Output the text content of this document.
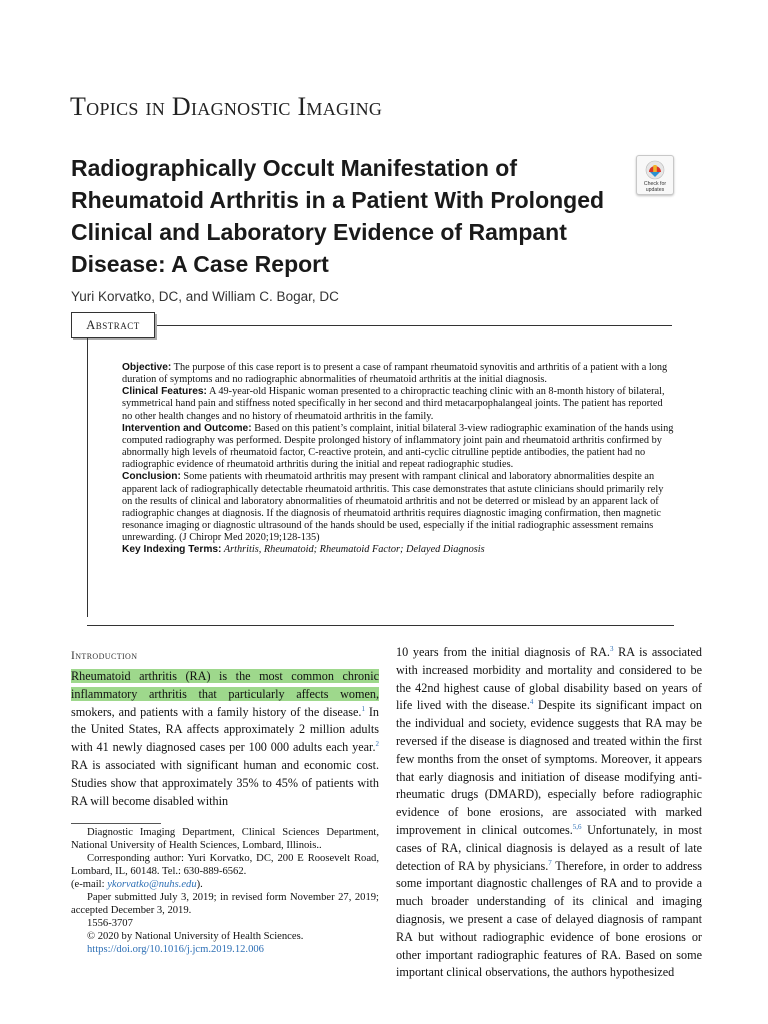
Topics in Diagnostic Imaging
Radiographically Occult Manifestation of Rheumatoid Arthritis in a Patient With Prolonged Clinical and Laboratory Evidence of Rampant Disease: A Case Report
Check for
updates

Yuri Korvatko, DC, and William C. Bogar, DC

Abstract

Objective: The purpose of this case report is to present a case of rampant rheumatoid synovitis and arthritis of a patient with a long duration of symptoms and no radiographic abnormalities of rheumatoid arthritis at the initial diagnosis.

Clinical Features: A 49-year-old Hispanic woman presented to a chiropractic teaching clinic with an 8-month history of bilateral, symmetrical hand pain and stiffness noted specifically in her second and third metacarpophalangeal joints. The patient has reported no other health changes and no history of rheumatoid arthritis in the family.

Intervention and Outcome: Based on this patient’s complaint, initial bilateral 3-view radiographic examination of the hands using computed radiography was performed. Despite prolonged history of inflammatory joint pain and rheumatoid arthritis confirmed by abnormally high levels of rheumatoid factor, C-reactive protein, and anti-cyclic citrulline peptide antibodies, the patient had no radiographic evidence of rheumatoid arthritis during the initial and repeat radiographic studies.

Conclusion: Some patients with rheumatoid arthritis may present with rampant clinical and laboratory abnormalities despite an apparent lack of radiographically detectable rheumatoid arthritis. This case demonstrates that astute clinicians should primarily rely on the results of clinical and laboratory abnormalities of rheumatoid arthritis and not be deterred or mislead by an apparent lack of radiographic changes at diagnosis. If the diagnosis of rheumatoid arthritis requires diagnostic imaging confirmation, then magnetic resonance imaging or diagnostic ultrasound of the hands should be used, especially if the initial radiographic assessment remains unrewarding. (J Chiropr Med 2020;19;128-135)

Key Indexing Terms: Arthritis, Rheumatoid; Rheumatoid Factor; Delayed Diagnosis

Introduction

Rheumatoid arthritis (RA) is the most common chronic inflammatory arthritis that particularly affects women, smokers, and patients with a family history of the disease.$^1$ In the United States, RA affects approximately 2 million adults with 41 newly diagnosed cases per 100 000 adults each year.$^2$ RA is associated with significant human and economic cost. Studies show that approximately 35% to 45% of patients with RA will become disabled within

10 years from the initial diagnosis of RA.$^3$ RA is associated with increased morbidity and mortality and considered to be the 42nd highest cause of global disability based on years of life lived with the disease.$^4$ Despite its significant impact on the individual and society, evidence suggests that RA may be reversed if the disease is diagnosed and treated within the first few months from the onset of symptoms. Moreover, it appears that early diagnosis and initiation of disease modifying anti-rheumatic drugs (DMARD), especially before radiographic evidence of bone erosions, are associated with marked improvement in clinical outcomes.$^{5,6}$ Unfortunately, in most cases of RA, clinical diagnosis is delayed as a result of late detection of RA by physicians.$^7$ Therefore, in order to address some important diagnostic challenges of RA and to provide a much broader understanding of its clinical and imaging diagnosis, we present a case of delayed diagnosis of rampant RA but without radiographic evidence of bone erosions or other important radiographic features of RA. Based on some important clinical observations, the authors hypothesized

Diagnostic Imaging Department, Clinical Sciences Department, National University of Health Sciences, Lombard, Illinois..

Corresponding author: Yuri Korvatko, DC, 200 E Roosevelt Road, Lombard, IL, 60148. Tel.: 630-889-6562.

(e-mail: ykorvatko@nuhs.edu).

Paper submitted July 3, 2019; in revised form November 27, 2019; accepted December 3, 2019.

1556-3707

© 2020 by National University of Health Sciences.

https://doi.org/10.1016/j.jcm.2019.12.006
